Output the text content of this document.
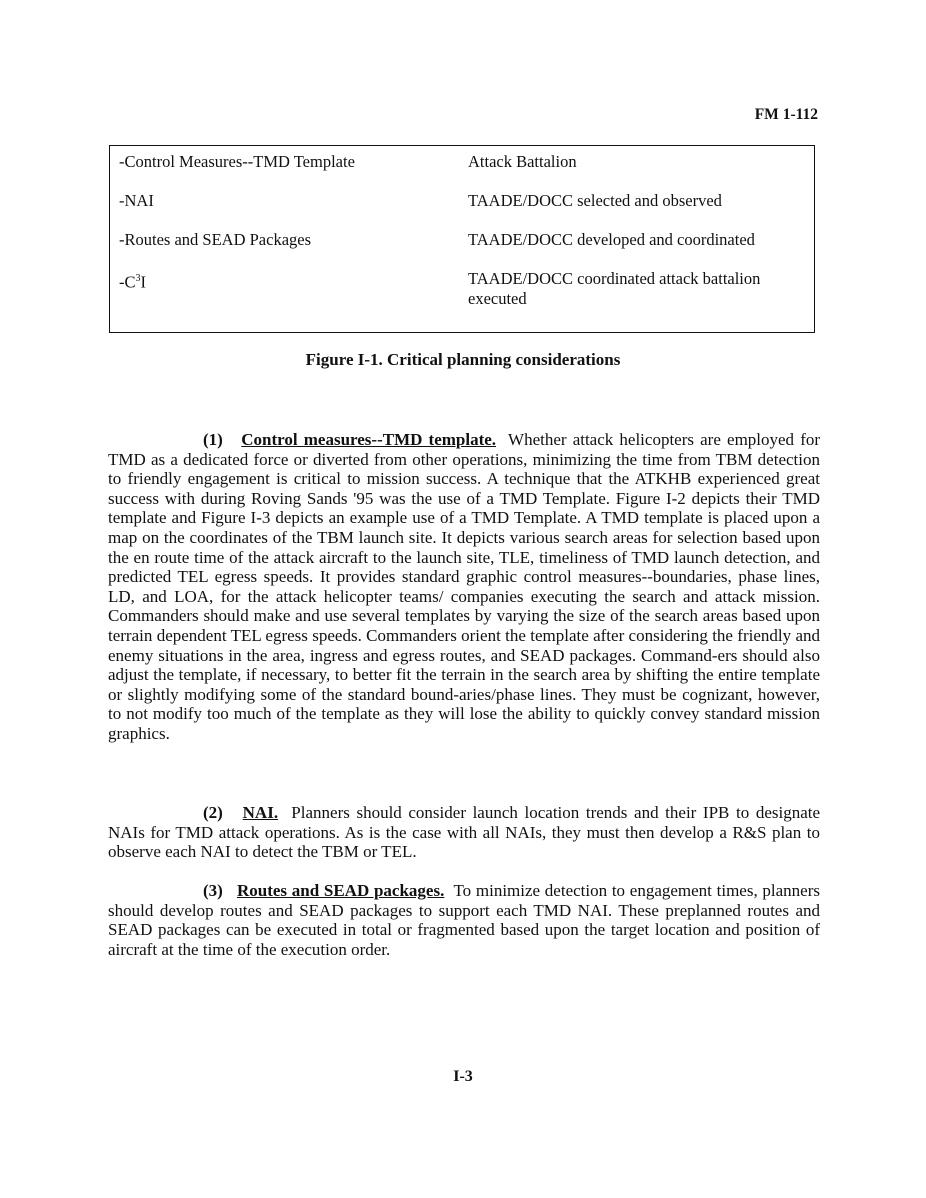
FM 1-112
-Control Measures--TMD Template	Attack Battalion
-NAI	TAADE/DOCC selected and observed
-Routes and SEAD Packages	TAADE/DOCC developed and coordinated
$-C^3I$	TAADE/DOCC coordinated attack battalion executed
Figure I-1. Critical planning considerations

(1) Control measures--TMD template. Whether attack helicopters are employed for TMD as a dedicated force or diverted from other operations, minimizing the time from TBM detection to friendly engagement is critical to mission success. A technique that the ATKHB experienced great success with during Roving Sands '95 was the use of a TMD Template. Figure I-2 depicts their TMD template and Figure I-3 depicts an example use of a TMD Template. A TMD template is placed upon a map on the coordinates of the TBM launch site. It depicts various search areas for selection based upon the en route time of the attack aircraft to the launch site, TLE, timeliness of TMD launch detection, and predicted TEL egress speeds. It provides standard graphic control measures--boundaries, phase lines, LD, and LOA, for the attack helicopter teams/ companies executing the search and attack mission. Commanders should make and use several templates by varying the size of the search areas based upon terrain dependent TEL egress speeds. Commanders orient the template after considering the friendly and enemy situations in the area, ingress and egress routes, and SEAD packages. Command-ers should also adjust the template, if necessary, to better fit the terrain in the search area by shifting the entire template or slightly modifying some of the standard bound-aries/phase lines. They must be cognizant, however, to not modify too much of the template as they will lose the ability to quickly convey standard mission graphics.

(2) NAI. Planners should consider launch location trends and their IPB to designate NAIs for TMD attack operations. As is the case with all NAIs, they must then develop a R&S plan to observe each NAI to detect the TBM or TEL.

(3) Routes and SEAD packages. To minimize detection to engagement times, planners should develop routes and SEAD packages to support each TMD NAI. These preplanned routes and SEAD packages can be executed in total or fragmented based upon the target location and position of aircraft at the time of the execution order.

I-3
